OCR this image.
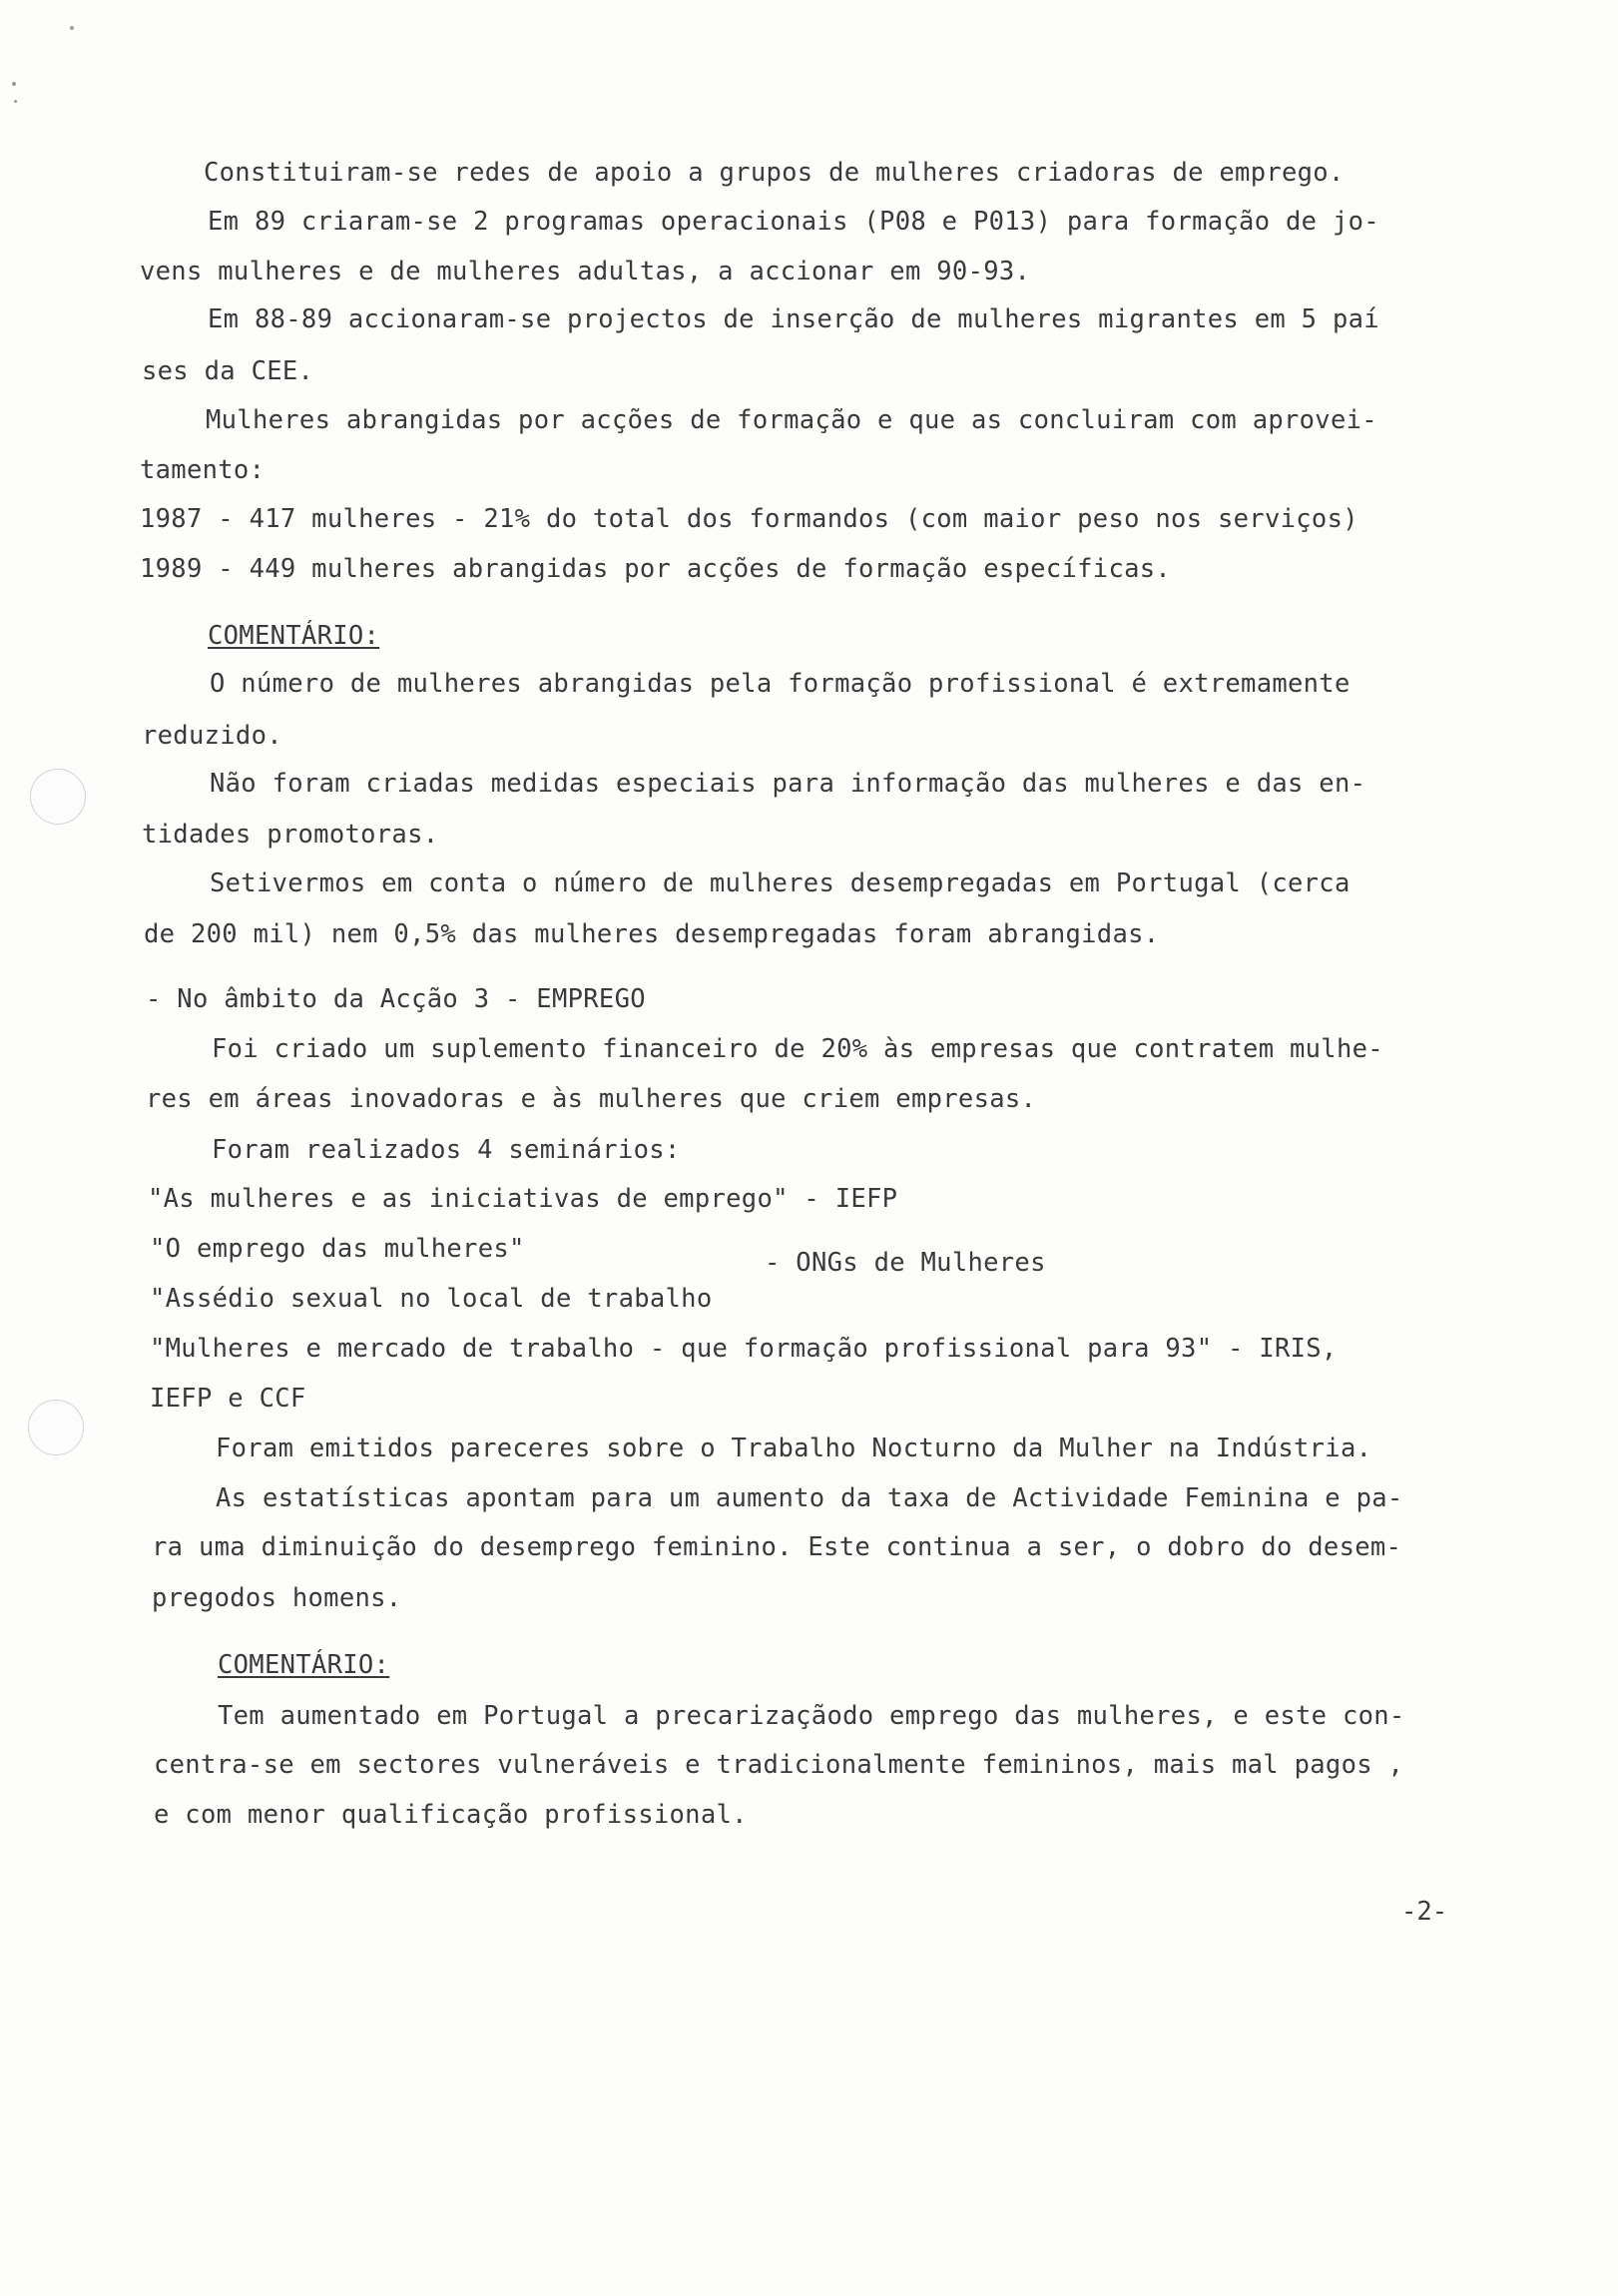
Constituiram-se redes de apoio a grupos de mulheres criadoras de emprego.
Em 89 criaram-se 2 programas operacionais (P08 e P013) para formação de jo-
vens mulheres e de mulheres adultas, a accionar em 90-93.
Em 88-89 accionaram-se projectos de inserção de mulheres migrantes em 5 paí
ses da CEE.
Mulheres abrangidas por acções de formação e que as concluiram com aprovei-
tamento:
1987 - 417 mulheres - 21% do total dos formandos (com maior peso nos serviços)
1989 - 449 mulheres abrangidas por acções de formação específicas.
COMENTÁRIO:
O número de mulheres abrangidas pela formação profissional é extremamente
reduzido.
Não foram criadas medidas especiais para informação das mulheres e das en-
tidades promotoras.
Setivermos em conta o número de mulheres desempregadas em Portugal (cerca
de 200 mil) nem 0,5% das mulheres desempregadas foram abrangidas.
- No âmbito da Acção 3 - EMPREGO
Foi criado um suplemento financeiro de 20% às empresas que contratem mulhe-
res em áreas inovadoras e às mulheres que criem empresas.
Foram realizados 4 seminários:
"As mulheres e as iniciativas de emprego" - IEFP
"O emprego das mulheres"	- ONGs de Mulheres
"Assédio sexual no local de trabalho
"Mulheres e mercado de trabalho - que formação profissional para 93" - IRIS,
IEFP e CCF
Foram emitidos pareceres sobre o Trabalho Nocturno da Mulher na Indústria.
As estatísticas apontam para um aumento da taxa de Actividade Feminina e pa-
ra uma diminuição do desemprego feminino. Este continua a ser, o dobro do desem-
pregodos homens.
COMENTÁRIO:
Tem aumentado em Portugal a precarizaçãodo emprego das mulheres, e este con-
centra-se em sectores vulneráveis e tradicionalmente femininos, mais mal pagos ,
e com menor qualificação profissional.
-2-
